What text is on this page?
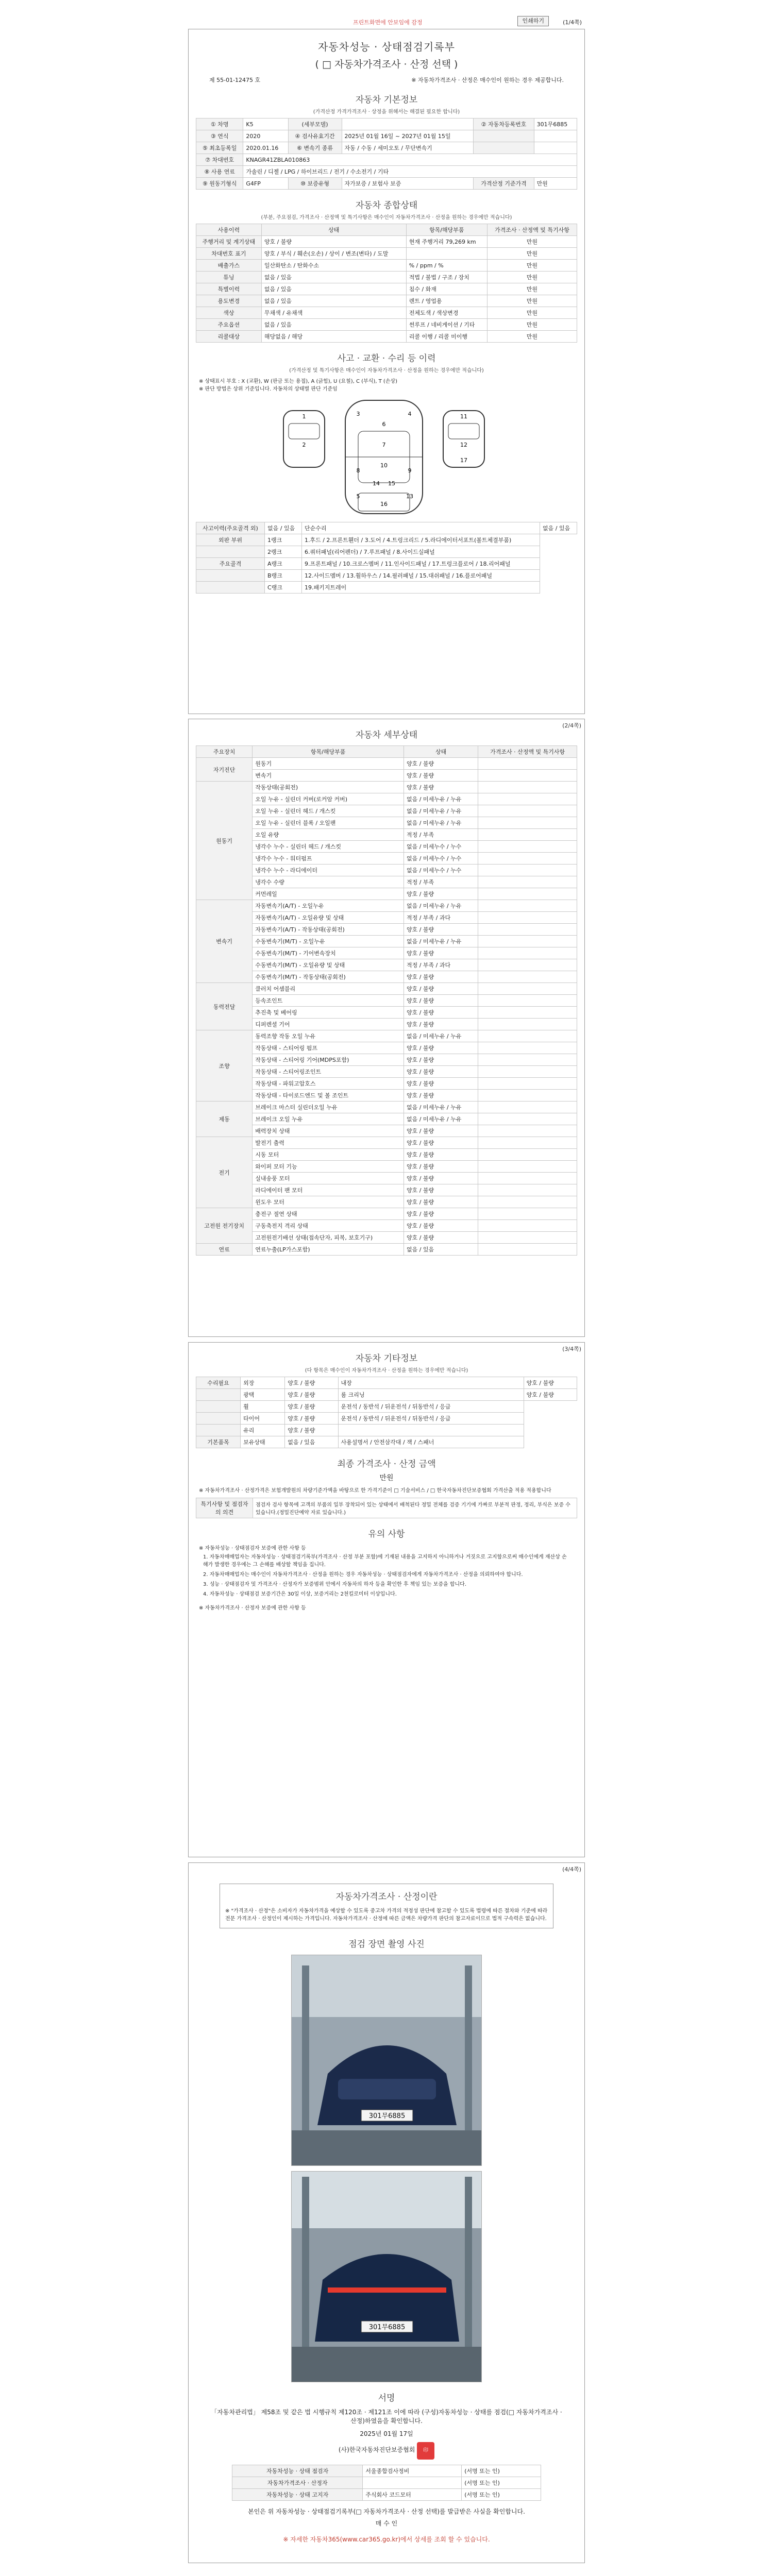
프린트화면에 안보임에 감정	인쇄하기	(1/4쪽)
자동차성능 · 상태점검기록부
( □ 자동차가격조사 · 산정 선택 )
제 55-01-12475 호	※ 자동차가격조사 · 산정은 매수인이 원하는 경우 제공합니다.
자동차 기본정보
(가격산정 가격가격조사 · 상정을 위해서는 해결된 필요한 합니다)
① 차명	K5	(세부모델)		② 자동차등록번호	301무6885
③ 연식	2020	④ 검사유효기간	2025년 01월 16일 ~ 2027년 01월 15일		
⑤ 최초등록일	2020.01.16	⑥ 변속기 종류	자동 / 수동 / 세미오토 / 무단변속기		
⑦ 차대번호	KNAGR41ZBLA010863				
⑧ 사용 연료	가솔린 / 디젤 / LPG / 하이브리드 / 전기 / 수소전기 / 기타				
⑨ 원동기형식	G4FP	⑩ 보증유형	자가보증 / 보험사 보증	가격산정 기준가격	만원
자동차 종합상태
(부분, 주요점검, 가격조사 · 산정액 및 특기사항은 매수인이 자동차가격조사 · 산정을 원하는 경우에만 적습니다)
사용이력	상태	항목/해당부품	가격조사 · 산정액 및 특기사항
주행거리 및 계기상태	양호 / 불량	현재 주행거리 79,269 km	만원
차대번호 표기	양호 / 부식 / 훼손(오손) / 상이 / 변조(변타) / 도말		만원
배출가스	일산화탄소 / 탄화수소	% / ppm / %	만원
튜닝	없음 / 있음	적법 / 불법 / 구조 / 장치	만원
특별이력	없음 / 있음	침수 / 화재	만원
용도변경	없음 / 있음	렌트 / 영업용	만원
색상	무채색 / 유채색	전체도색 / 색상변경	만원
주요옵션	없음 / 있음	썬루프 / 네비게이션 / 기타	만원
리콜대상	해당없음 / 해당	리콜 이행 / 리콜 미이행	만원
사고 · 교환 · 수리 등 이력
(가격산정 및 특기사항은 매수인이 자동차가격조사 · 산정을 원하는 경우에만 적습니다)
※ 상태표시 부호 : X (교환), W (판금 또는 용접), A (긁힘), U (요철), C (부식), T (손상)
※ 판단 방법은 상위 기준입니다. 자동차의 상태별 판단 기준임
1
2
3	4
5
6
7
8	9
10
11
12
13
14 15
16
17
사고이력(주요골격 외)	없음 / 있음	단순수리	없음 / 있음
외판 부위	1랭크	1.후드 / 2.프론트휀더 / 3.도어 / 4.트렁크리드 / 5.라디에이터서포트(볼트체결부품)	
	2랭크	6.쿼터패널(리어펜더) / 7.루프패널 / 8.사이드실패널	
주요골격	A랭크	9.프론트패널 / 10.크로스멤버 / 11.인사이드패널 / 17.트렁크플로어 / 18.리어패널	
	B랭크	12.사이드멤버 / 13.휠하우스 / 14.필러패널 / 15.대쉬패널 / 16.플로어패널	
	C랭크	19.패키지트레이	
(2/4쪽)
자동차 세부상태
주요장치	항목/해당부품	상태	가격조사 · 산정액 및 특기사항
자기진단	원동기	양호 / 불량	
	변속기	양호 / 불량	
원동기	작동상태(공회전)	양호 / 불량	
	오일 누유 - 실린더 커버(로커암 커버)	없음 / 미세누유 / 누유	
	오일 누유 - 실린더 헤드 / 개스킷	없음 / 미세누유 / 누유	
	오일 누유 - 실린더 블록 / 오일팬	없음 / 미세누유 / 누유	
	오일 유량	적정 / 부족	
	냉각수 누수 - 실린더 헤드 / 개스킷	없음 / 미세누수 / 누수	
	냉각수 누수 - 워터펌프	없음 / 미세누수 / 누수	
	냉각수 누수 - 라디에이터	없음 / 미세누수 / 누수	
	냉각수 수량	적정 / 부족	
	커먼레일	양호 / 불량	
변속기	자동변속기(A/T) - 오일누유	없음 / 미세누유 / 누유	
	자동변속기(A/T) - 오일유량 및 상태	적정 / 부족 / 과다	
	자동변속기(A/T) - 작동상태(공회전)	양호 / 불량	
	수동변속기(M/T) - 오일누유	없음 / 미세누유 / 누유	
	수동변속기(M/T) - 기어변속장치	양호 / 불량	
	수동변속기(M/T) - 오일유량 및 상태	적정 / 부족 / 과다	
	수동변속기(M/T) - 작동상태(공회전)	양호 / 불량	
동력전달	클러치 어셈블리	양호 / 불량	
	등속조인트	양호 / 불량	
	추진축 및 베어링	양호 / 불량	
	디퍼렌셜 기어	양호 / 불량	
조향	동력조향 작동 오일 누유	없음 / 미세누유 / 누유	
	작동상태 - 스티어링 펌프	양호 / 불량	
	작동상태 - 스티어링 기어(MDPS포함)	양호 / 불량	
	작동상태 - 스티어링조인트	양호 / 불량	
	작동상태 - 파워고압호스	양호 / 불량	
	작동상태 - 타이로드엔드 및 볼 조인트	양호 / 불량	
제동	브레이크 마스터 실린더오일 누유	없음 / 미세누유 / 누유	
	브레이크 오일 누유	없음 / 미세누유 / 누유	
	배력장치 상태	양호 / 불량	
전기	발전기 출력	양호 / 불량	
	시동 모터	양호 / 불량	
	와이퍼 모터 기능	양호 / 불량	
	실내송풍 모터	양호 / 불량	
	라디에이터 팬 모터	양호 / 불량	
	윈도우 모터	양호 / 불량	
고전원 전기장치	충전구 절연 상태	양호 / 불량	
	구동축전지 격리 상태	양호 / 불량	
	고전원전기배선 상태(접속단자, 피복, 보호기구)	양호 / 불량	
연료	연료누출(LP가스포함)	없음 / 있음	
(3/4쪽)
자동차 기타정보
(다 항목은 매수인이 자동차가격조사 · 산정을 원하는 경우에만 적습니다)
수리필요	외장	양호 / 불량	내장	양호 / 불량
	광택	양호 / 불량	룸 크리닝	양호 / 불량
	휠	양호 / 불량	운전석 / 동반석 / 뒤운전석 / 뒤동반석 / 응급	
	타이어	양호 / 불량	운전석 / 동반석 / 뒤운전석 / 뒤동반석 / 응급	
	유리	양호 / 불량		
기본품목	보유상태	없음 / 있음	사용설명서 / 안전삼각대 / 잭 / 스패너	
최종 가격조사 · 산정 금액
만원
※ 자동차가격조사 · 산정가격은 보험개발원의 차량기준가액을 바탕으로 한 가격기준이 □ 기술서비스 / □ 한국자동차진단보증협회 가격산출 적용 적용합니다
특기사항 및 점검자의 의견	점검자 검사 항목에 고객의 부품의 일부 장착되어 있는 상태에서 배척된다 정밀 전체를 검증 기기에 가짜로 부분적 판정, 정리, 부식은 보증 수 있습니다.(정밀진단예약 자료 있습니다.)
유의 사항
※ 자동차성능 · 상태점검자 보증에 관한 사항 등
1. 자동차매매업자는 자동차성능 · 상태점검기록부(가격조사 · 산정 부분 포함)에 기재된 내용을 고지하지 아니하거나 거짓으로 고지함으로써 매수인에게 재산상 손해가 발생한 경우에는 그 손해를 배상할 책임을 집니다.
2. 자동차매매업자는 매수인이 자동차가격조사 · 산정을 원하는 경우 자동차성능 · 상태점검자에게 자동차가격조사 · 산정을 의뢰하여야 합니다.
3. 성능 · 상태점검자 및 가격조사 · 산정자가 보증범위 안에서 자동차의 하자 등을 확인한 후 책임 있는 보증을 합니다.
4. 자동차성능 · 상태점검 보증기간은 30일 이상, 보증거리는 2천킬로미터 이상입니다.
※ 자동차가격조사 · 산정자 보증에 관한 사항 등
(4/4쪽)
자동차가격조사 · 산정이란
※ "가격조사 · 산정"은 소비자가 자동차가격을 예상할 수 있도록 중고차 가격의 적정성 판단에 참고할 수 있도록 법령에 따른 절차와 기준에 따라 전문 가격조사 · 산정인이 제시하는 가격입니다. 자동차가격조사 · 산정에 따른 금액은 차량가격 판단의 참고자료이므로 법적 구속력은 없습니다.
점검 장면 촬영 사진
301무6885
301무6885
서명
「자동차관리법」 제58조 및 같은 법 시행규칙 제120조 · 제121조 이에 따라 (구성)자동차성능 · 상태를 점검(□ 자동차가격조사 · 산정)하였음을 확인합니다.
2025년 01월 17일
(사)한국자동차진단보증협회 印
자동차성능 · 상태 점검자	서울종합검사정비	(서명 또는 인)
자동차가격조사 · 산정자		(서명 또는 인)
자동차성능 · 상태 고지자	주식회사 코드모터	(서명 또는 인)
본인은 위 자동차성능 · 상태점검기록부(□ 자동차가격조사 · 산정 선택)를 발급받은 사실을 확인합니다.
매 수 인
※ 자세한 자동차365(www.car365.go.kr)에서 상세를 조회 할 수 있습니다.
